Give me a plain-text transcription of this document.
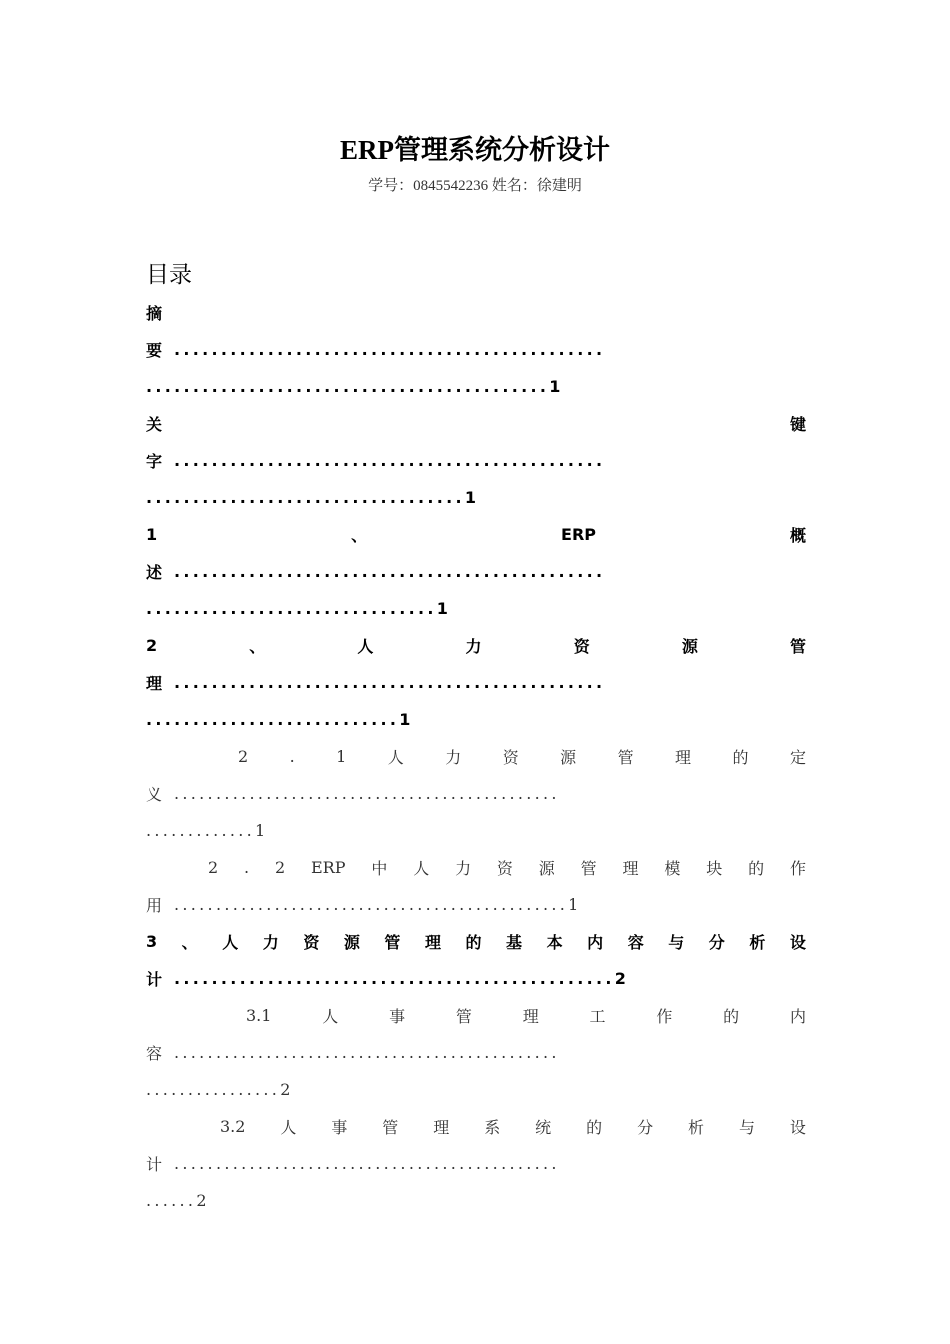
ERP管理系统分析设计
学号：0845542236 姓名：徐建明
目录
摘
要 ..............................................
........................................... 1
关	键
字 ..............................................
.................................. 1
1	、	ERP	概
述 ..............................................
............................... 1
2	、	人	力	资	源	管
理 ..............................................
........................... 1
2	.	1	人	力	资	源	管	理	的	定
义 ..............................................
............. 1
2 . 2 ERP 中 人 力 资 源 管 理 模 块 的 作
用 ............................................... 1
3 、 人 力 资 源 管 理 的 基 本 内 容 与 分 析 设
计 ............................................... 2
3.1	人	事	管	理	工	作	的	内
容 ..............................................
................ 2
3.2 人 事 管 理 系 统 的 分 析 与 设
计 ..............................................
...... 2
